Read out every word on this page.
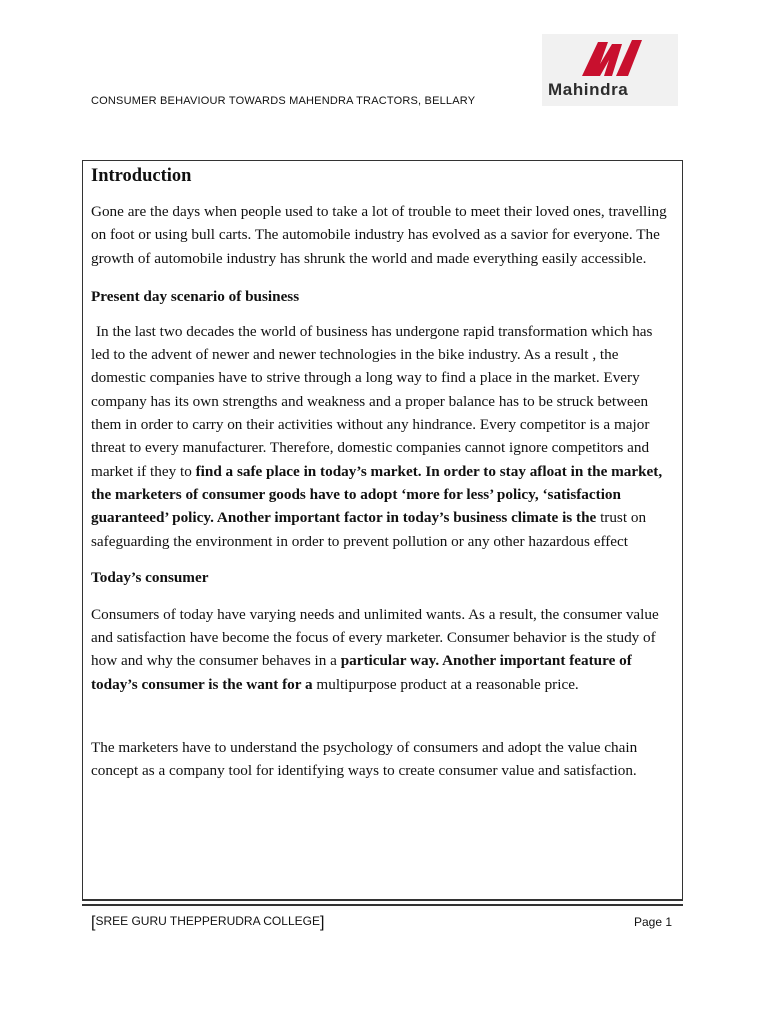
CONSUMER BEHAVIOUR TOWARDS MAHENDRA TRACTORS, BELLARY
Mahindra
Introduction

Gone are the days when people used to take a lot of trouble to meet their loved ones, travelling on foot or using bull carts. The automobile industry has evolved as a savior for everyone. The growth of automobile industry has shrunk the world and made everything easily accessible.

Present day scenario of business

In the last two decades the world of business has undergone rapid transformation which has led to the advent of newer and newer technologies in the bike industry. As a result , the domestic companies have to strive through a long way to find a place in the market. Every company has its own strengths and weakness and a proper balance has to be struck between them in order to carry on their activities without any hindrance. Every competitor is a major threat to every manufacturer. Therefore, domestic companies cannot ignore competitors and market if they to find a safe place in today’s market. In order to stay afloat in the market, the marketers of consumer goods have to adopt ‘more for less’ policy, ‘satisfaction guaranteed’ policy. Another important factor in today’s business climate is the trust on safeguarding the environment in order to prevent pollution or any other hazardous effect

Today’s consumer

Consumers of today have varying needs and unlimited wants. As a result, the consumer value and satisfaction have become the focus of every marketer. Consumer behavior is the study of how and why the consumer behaves in a particular way. Another important feature of today’s consumer is the want for a multipurpose product at a reasonable price.

The marketers have to understand the psychology of consumers and adopt the value chain concept as a company tool for identifying ways to create consumer value and satisfaction.

[SREE GURU THEPPERUDRA COLLEGE]	Page 1
